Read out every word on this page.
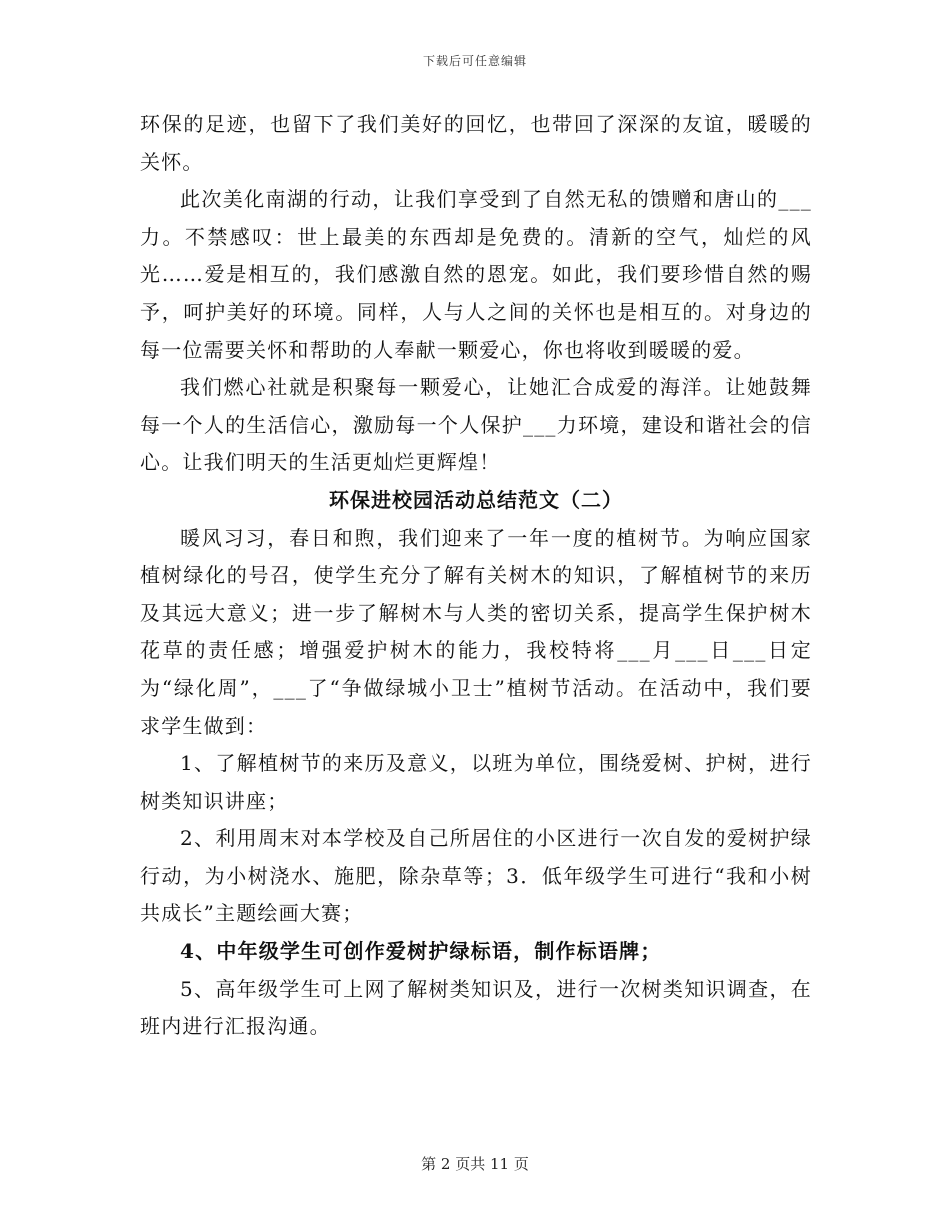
下载后可任意编辑

环保的足迹，也留下了我们美好的回忆，也带回了深深的友谊，暖暖的关怀。

此次美化南湖的行动，让我们享受到了自然无私的馈赠和唐山的___力。不禁感叹：世上最美的东西却是免费的。清新的空气，灿烂的风光……爱是相互的，我们感激自然的恩宠。如此，我们要珍惜自然的赐予，呵护美好的环境。同样，人与人之间的关怀也是相互的。对身边的每一位需要关怀和帮助的人奉献一颗爱心，你也将收到暖暖的爱。

我们燃心社就是积聚每一颗爱心，让她汇合成爱的海洋。让她鼓舞每一个人的生活信心，激励每一个人保护___力环境，建设和谐社会的信心。让我们明天的生活更灿烂更辉煌！

环保进校园活动总结范文（二）

暖风习习，春日和煦，我们迎来了一年一度的植树节。为响应国家植树绿化的号召，使学生充分了解有关树木的知识，了解植树节的来历及其远大意义；进一步了解树木与人类的密切关系，提高学生保护树木花草的责任感；增强爱护树木的能力，我校特将___月___日___日定为“绿化周”，___了“争做绿城小卫士”植树节活动。在活动中，我们要求学生做到：

1、了解植树节的来历及意义，以班为单位，围绕爱树、护树，进行树类知识讲座；

2、利用周末对本学校及自己所居住的小区进行一次自发的爱树护绿行动，为小树浇水、施肥，除杂草等；3．低年级学生可进行“我和小树共成长”主题绘画大赛；

4、中年级学生可创作爱树护绿标语，制作标语牌；

5、高年级学生可上网了解树类知识及，进行一次树类知识调查，在班内进行汇报沟通。

第 2 页共 11 页
